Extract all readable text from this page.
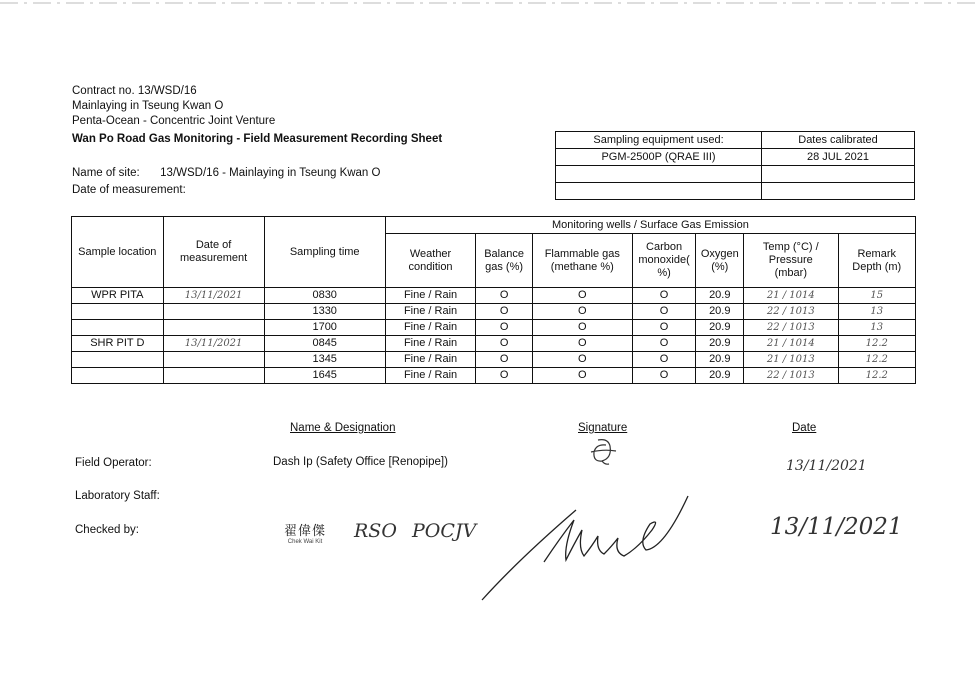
Contract no. 13/WSD/16
Mainlaying in Tseung Kwan O
Penta-Ocean - Concentric Joint Venture
Wan Po Road Gas Monitoring - Field Measurement Recording Sheet
Name of site: 13/WSD/16 - Mainlaying in Tseung Kwan O
Date of measurement:
Sampling equipment used:	Dates calibrated
PGM-2500P (QRAE III)	28 JUL 2021

Sample location	Date of measurement	Sampling time	Monitoring wells / Surface Gas Emission						
			Weather condition	Balance gas (%)	Flammable gas (methane %)	Carbon monoxide( %)	Oxygen (%)	Temp (°C) / Pressure (mbar)	Remark Depth (m)
WPR PITA	13/11/2021	0830	Fine / Rain	O	O	O	20.9	21 / 1014	15
		1330	Fine / Rain	O	O	O	20.9	22 / 1013	13
		1700	Fine / Rain	O	O	O	20.9	22 / 1013	13
SHR PIT D	13/11/2021	0845	Fine / Rain	O	O	O	20.9	21 / 1014	12.2
		1345	Fine / Rain	O	O	O	20.9	21 / 1013	12.2
		1645	Fine / Rain	O	O	O	20.9	22 / 1013	12.2
Name & Designation	Signature	Date
Field Operator:	Dash Ip (Safety Office [Renopipe])	13/11/2021
Laboratory Staff:
Checked by:	翟偉傑
Chek Wai Kit RSO POCJV	13/11/2021
